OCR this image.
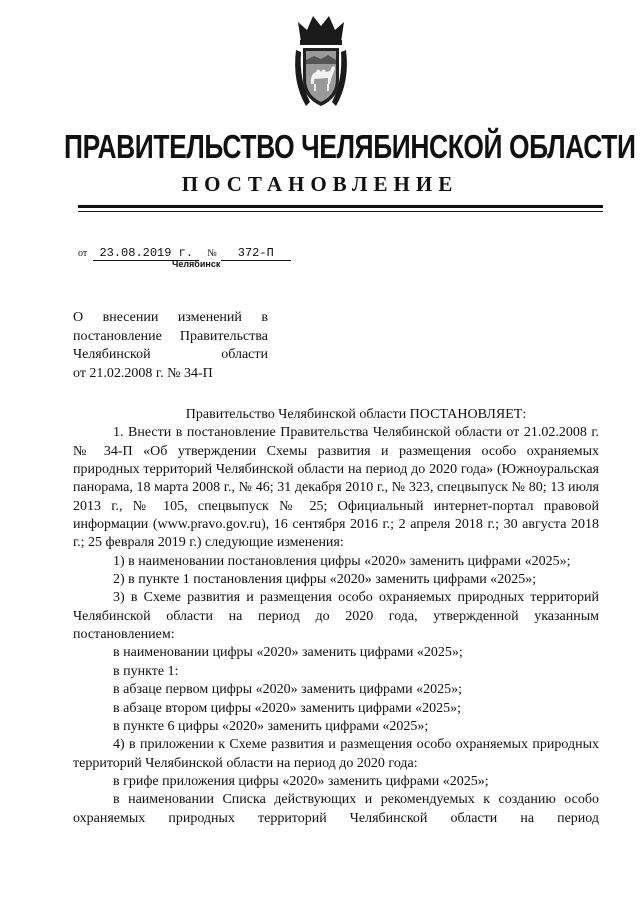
ПРАВИТЕЛЬСТВО ЧЕЛЯБИНСКОЙ ОБЛАСТИ
ПОСТАНОВЛЕНИЕ
от 23.08.2019 г. № 372-П
Челябинск
О внесении изменений в
постановление Правительства
Челябинской области
от 21.02.2008 г. № 34-П
Правительство Челябинской области ПОСТАНОВЛЯЕТ:

1. Внести в постановление Правительства Челябинской области от 21.02.2008 г. № 34-П «Об утверждении Схемы развития и размещения особо охраняемых природных территорий Челябинской области на период до 2020 года» (Южноуральская панорама, 18 марта 2008 г., № 46; 31 декабря 2010 г., № 323, спецвыпуск № 80; 13 июля 2013 г., № 105, спецвыпуск № 25; Официальный интернет-портал правовой информации (www.pravo.gov.ru), 16 сентября 2016 г.; 2 апреля 2018 г.; 30 августа 2018 г.; 25 февраля 2019 г.) следующие изменения:

1) в наименовании постановления цифры «2020» заменить цифрами «2025»;

2) в пункте 1 постановления цифры «2020» заменить цифрами «2025»;

3) в Схеме развития и размещения особо охраняемых природных территорий Челябинской области на период до 2020 года, утвержденной указанным постановлением:

в наименовании цифры «2020» заменить цифрами «2025»;

в пункте 1:

в абзаце первом цифры «2020» заменить цифрами «2025»;

в абзаце втором цифры «2020» заменить цифрами «2025»;

в пункте 6 цифры «2020» заменить цифрами «2025»;

4) в приложении к Схеме развития и размещения особо охраняемых природных территорий Челябинской области на период до 2020 года:

в грифе приложения цифры «2020» заменить цифрами «2025»;

в наименовании Списка действующих и рекомендуемых к созданию особо охраняемых природных территорий Челябинской области на период
